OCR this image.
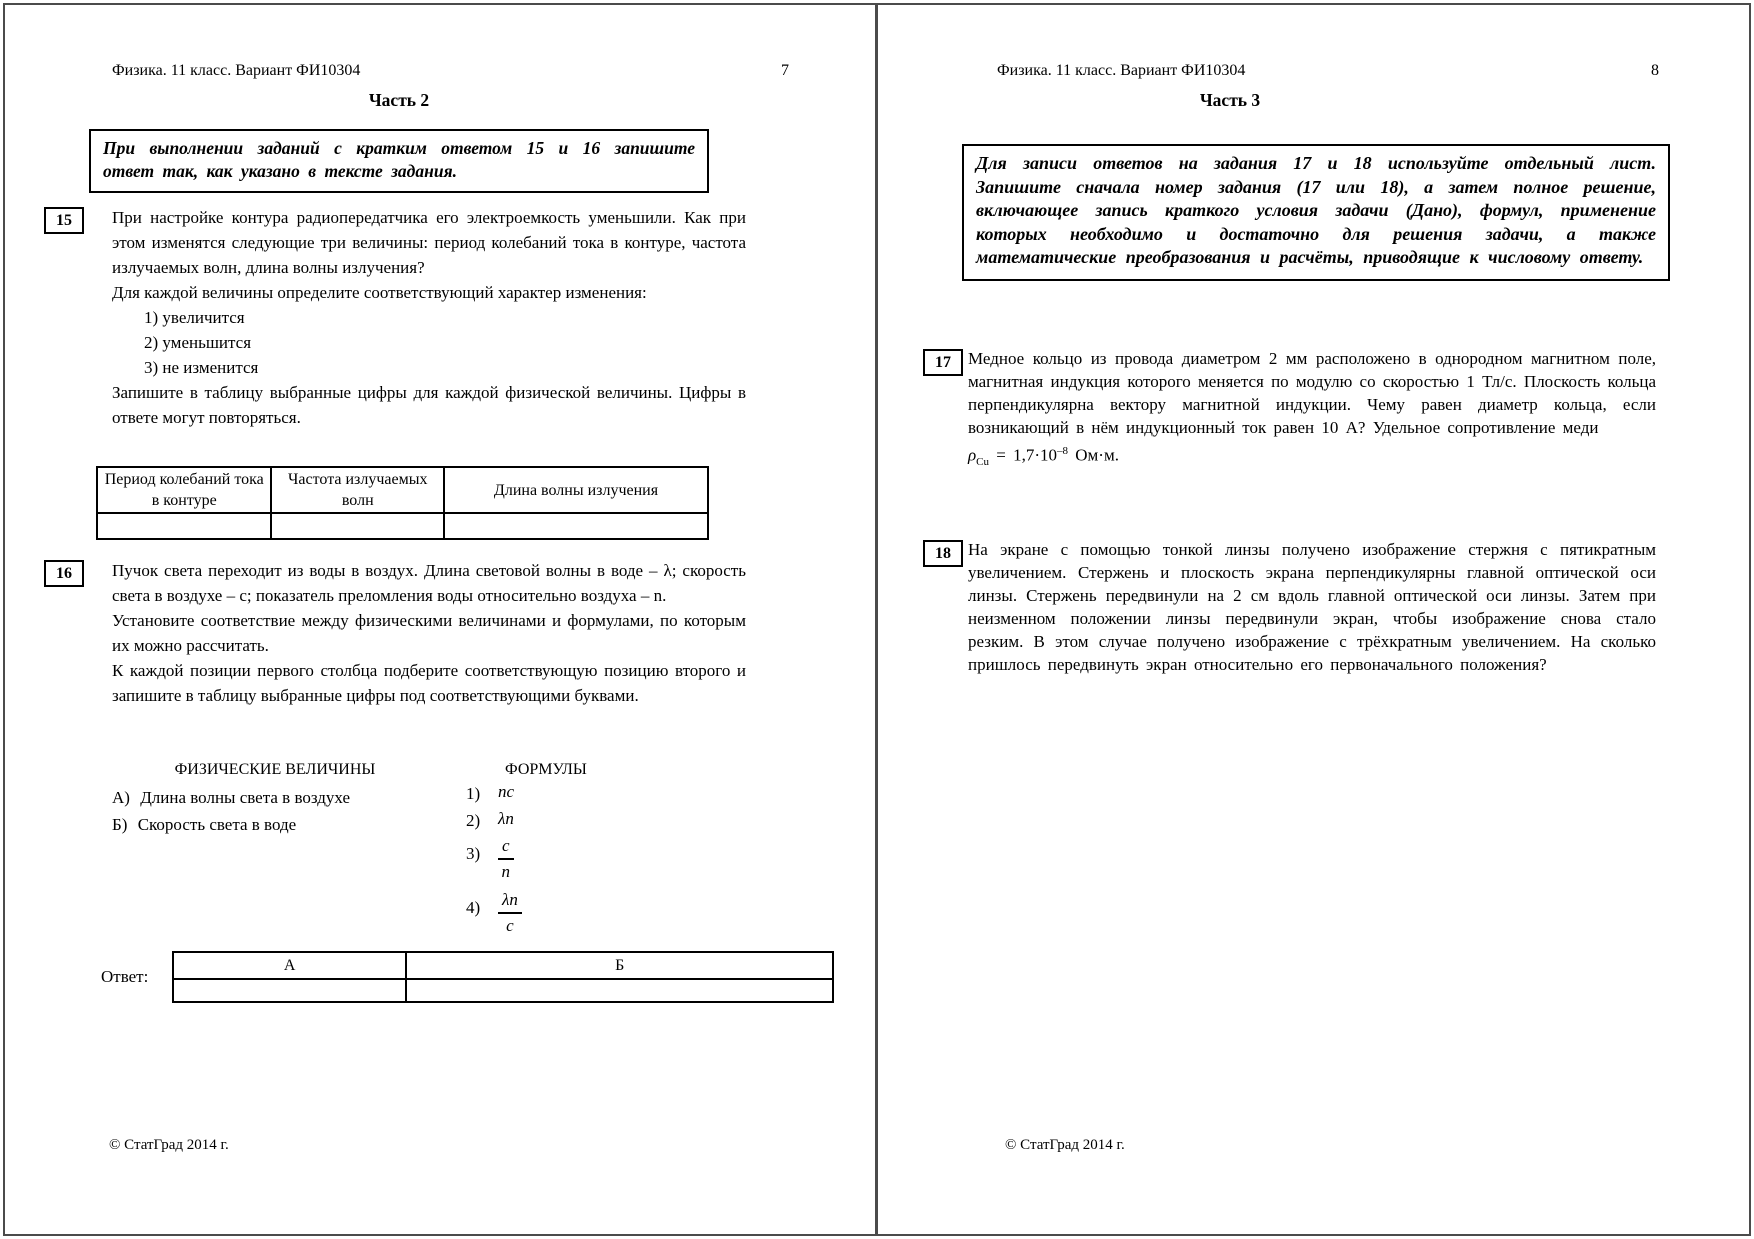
Физика. 11 класс. Вариант ФИ10304	7
Часть 2
При выполнении заданий с кратким ответом 15 и 16 запишите ответ так, как указано в тексте задания.
15	При настройке контура радиопередатчика его электроемкость уменьшили. Как при этом изменятся следующие три величины: период колебаний тока в контуре, частота излучаемых волн, длина волны излучения?

Для каждой величины определите соответствующий характер изменения:

1) увеличится

2) уменьшится

3) не изменится

Запишите в таблицу выбранные цифры для каждой физической величины. Цифры в ответе могут повторяться.

Период колебаний тока в контуре	Частота излучаемых волн	Длина волны излучения

16	Пучок света переходит из воды в воздух. Длина световой волны в воде – λ; скорость света в воздухе – c; показатель преломления воды относительно воздуха – n.

Установите соответствие между физическими величинами и формулами, по которым их можно рассчитать.

К каждой позиции первого столбца подберите соответствующую позицию второго и запишите в таблицу выбранные цифры под соответствующими буквами.

ФИЗИЧЕСКИЕ ВЕЛИЧИНЫ	ФОРМУЛЫ
А) Длина волны света в воздухе
Б) Скорость света в воде
1) nc
2) λn
$3) \frac{c}{n}$
$4) \frac{\lambda n}{c}$
Ответ:
А	Б

© СтатГрад 2014 г.
Физика. 11 класс. Вариант ФИ10304	8
Часть 3
Для записи ответов на задания 17 и 18 используйте отдельный лист. Запишите сначала номер задания (17 или 18), а затем полное решение, включающее запись краткого условия задачи (Дано), формул, применение которых необходимо и достаточно для решения задачи, а также математические преобразования и расчёты, приводящие к числовому ответу.
17	Медное кольцо из провода диаметром 2 мм расположено в однородном магнитном поле, магнитная индукция которого меняется по модулю со скоростью 1 Тл/с. Плоскость кольца перпендикулярна вектору магнитной индукции. Чему равен диаметр кольца, если возникающий в нём индукционный ток равен 10 А? Удельное сопротивление меди

$\rho_{Cu} = 1,7\cdot 10^{-8}$ Ом·м.
18	На экране с помощью тонкой линзы получено изображение стержня с пятикратным увеличением. Стержень и плоскость экрана перпендикулярны главной оптической оси линзы. Стержень передвинули на 2 см вдоль главной оптической оси линзы. Затем при неизменном положении линзы передвинули экран, чтобы изображение снова стало резким. В этом случае получено изображение с трёхкратным увеличением. На сколько пришлось передвинуть экран относительно его первоначального положения?

© СтатГрад 2014 г.
